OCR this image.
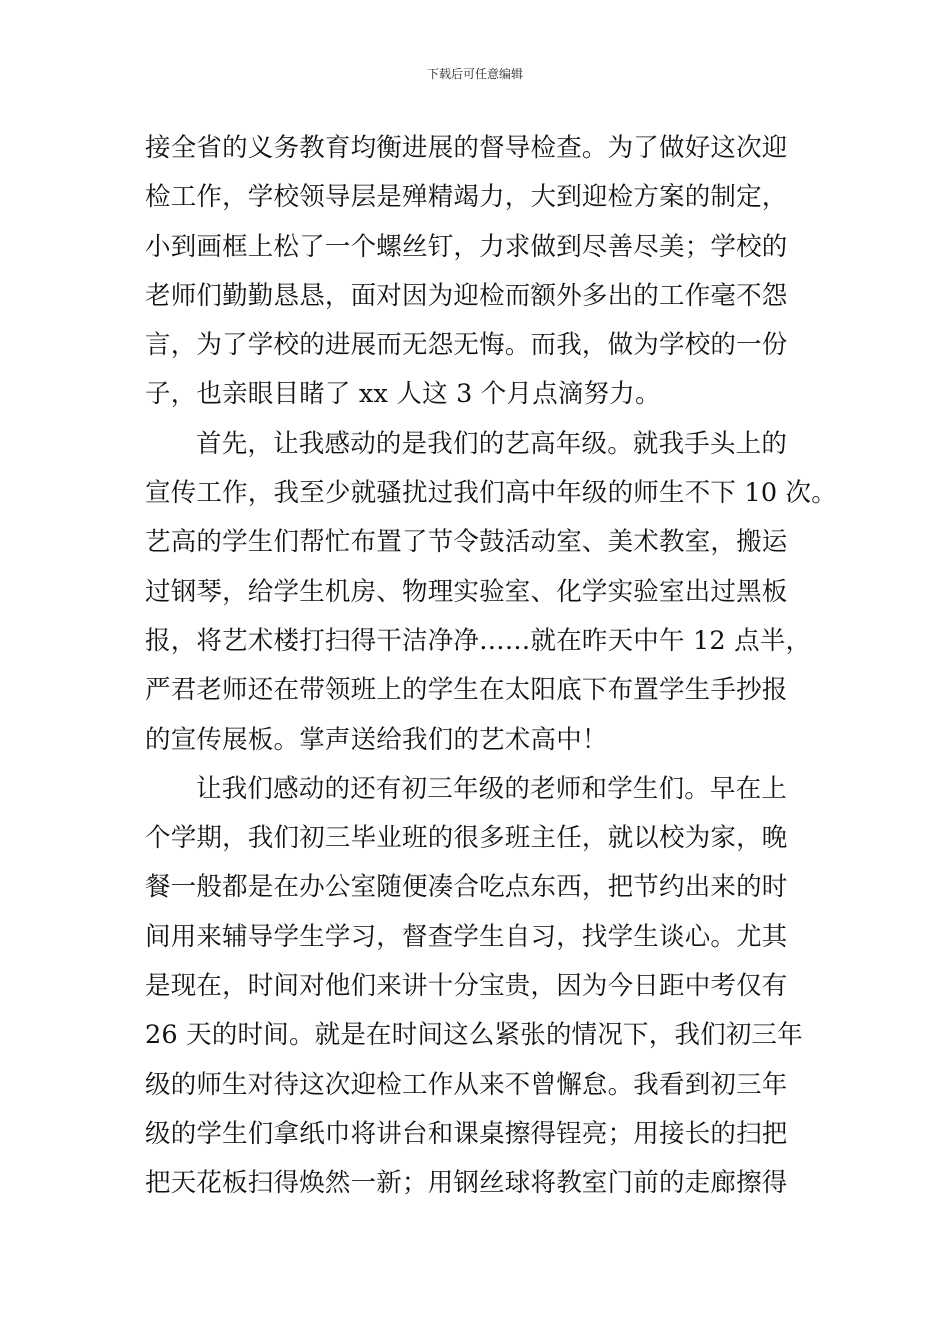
下载后可任意编辑
接全省的义务教育均衡进展的督导检查。为了做好这次迎
检工作，学校领导层是殚精竭力，大到迎检方案的制定，
小到画框上松了一个螺丝钉，力求做到尽善尽美；学校的
老师们勤勤恳恳，面对因为迎检而额外多出的工作毫不怨
言，为了学校的进展而无怨无悔。而我，做为学校的一份
子，也亲眼目睹了 xx 人这 3 个月点滴努力。
首先，让我感动的是我们的艺高年级。就我手头上的
宣传工作，我至少就骚扰过我们高中年级的师生不下 10 次。
艺高的学生们帮忙布置了节令鼓活动室、美术教室，搬运
过钢琴，给学生机房、物理实验室、化学实验室出过黑板
报，将艺术楼打扫得干洁净净……就在昨天中午 12 点半，
严君老师还在带领班上的学生在太阳底下布置学生手抄报
的宣传展板。掌声送给我们的艺术高中！
让我们感动的还有初三年级的老师和学生们。早在上
个学期，我们初三毕业班的很多班主任，就以校为家，晚
餐一般都是在办公室随便凑合吃点东西，把节约出来的时
间用来辅导学生学习，督查学生自习，找学生谈心。尤其
是现在，时间对他们来讲十分宝贵，因为今日距中考仅有
26 天的时间。就是在时间这么紧张的情况下，我们初三年
级的师生对待这次迎检工作从来不曾懈怠。我看到初三年
级的学生们拿纸巾将讲台和课桌擦得锃亮；用接长的扫把
把天花板扫得焕然一新；用钢丝球将教室门前的走廊擦得
